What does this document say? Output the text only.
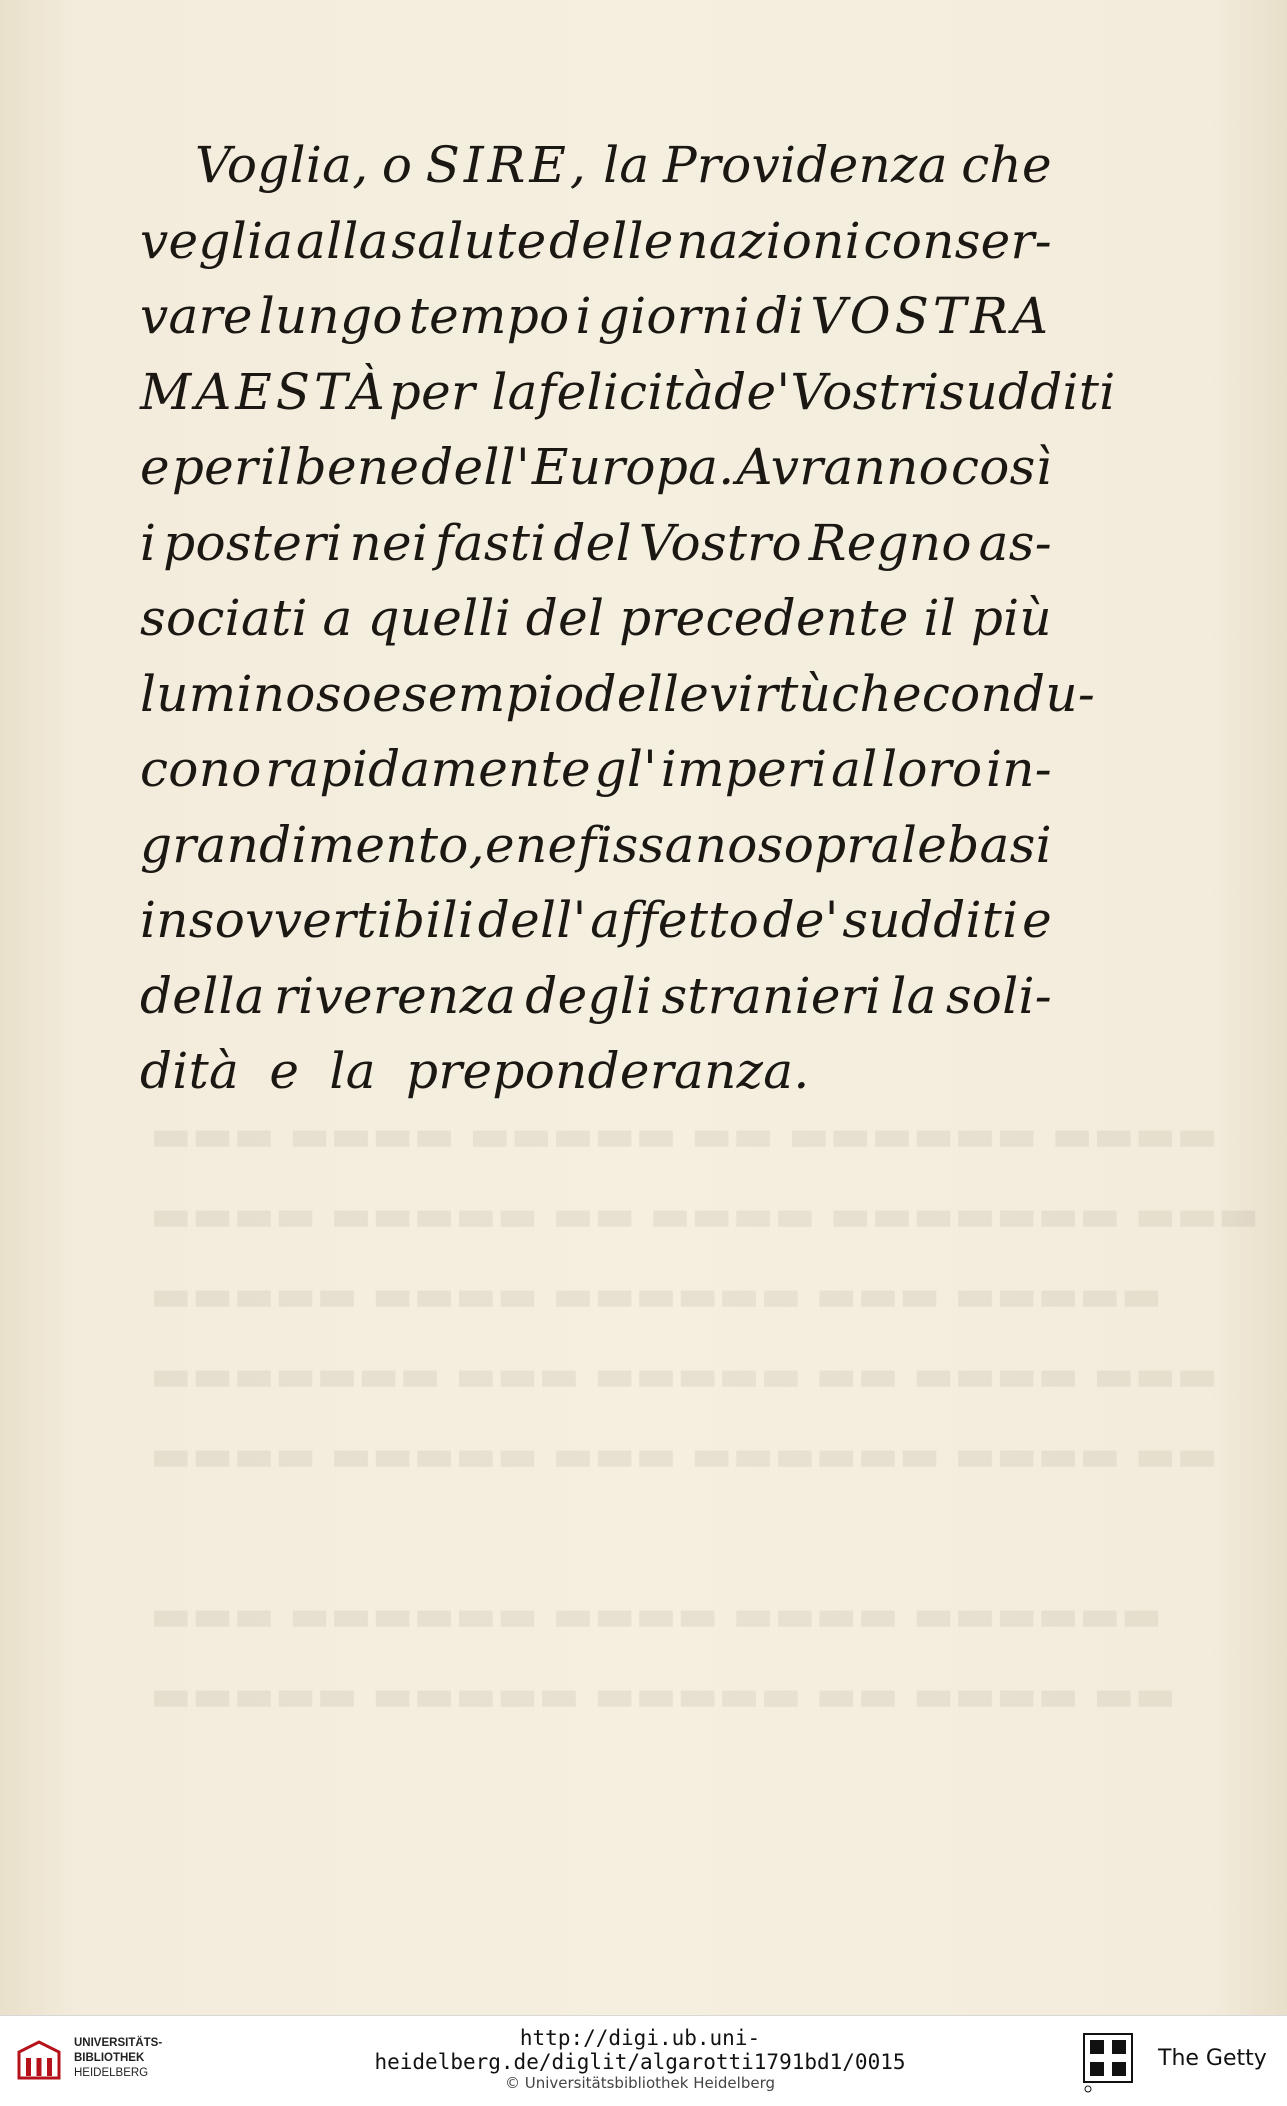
▬▬▬ ▬▬▬▬ ▬▬▬▬▬ ▬▬ ▬▬▬▬▬▬ ▬▬▬▬
▬▬▬▬ ▬▬▬▬▬ ▬▬ ▬▬▬▬ ▬▬▬▬▬▬▬ ▬▬▬
▬▬▬▬▬ ▬▬▬▬ ▬▬▬▬▬▬ ▬▬▬ ▬▬▬▬▬
▬▬▬▬▬▬▬ ▬▬▬ ▬▬▬▬▬ ▬▬ ▬▬▬▬ ▬▬▬
▬▬▬▬ ▬▬▬▬▬ ▬▬▬ ▬▬▬▬▬▬ ▬▬▬▬ ▬▬
▬▬▬ ▬▬▬▬▬▬ ▬▬▬▬ ▬▬▬▬ ▬▬▬▬▬▬
▬▬▬▬▬ ▬▬▬▬▬ ▬▬▬▬▬ ▬▬ ▬▬▬▬ ▬▬
Voglia, o SIRE, la Providenza che
veglia alla salute delle nazioni conser-
vare lungo tempo i giorni di VOSTRA
MAESTÀ per la felicità de' Vostri sudditi
e per il bene dell' Europa. Avranno così
i posteri nei fasti del Vostro Regno as-
sociati a quelli del precedente il più
luminoso esempio delle virtù che condu-
cono rapidamente gl' imperi al loro in-
grandimento, e ne fissano sopra le basi
insovvertibili dell' affetto de' sudditi e
della riverenza degli stranieri la soli-
dità
e
la
preponderanza.
UNIVERSITÄTS-
BIBLIOTHEK
HEIDELBERG
http://digi.ub.uni-heidelberg.de/diglit/algarotti1791bd1/0015
© Universitätsbibliothek Heidelberg
The Getty
